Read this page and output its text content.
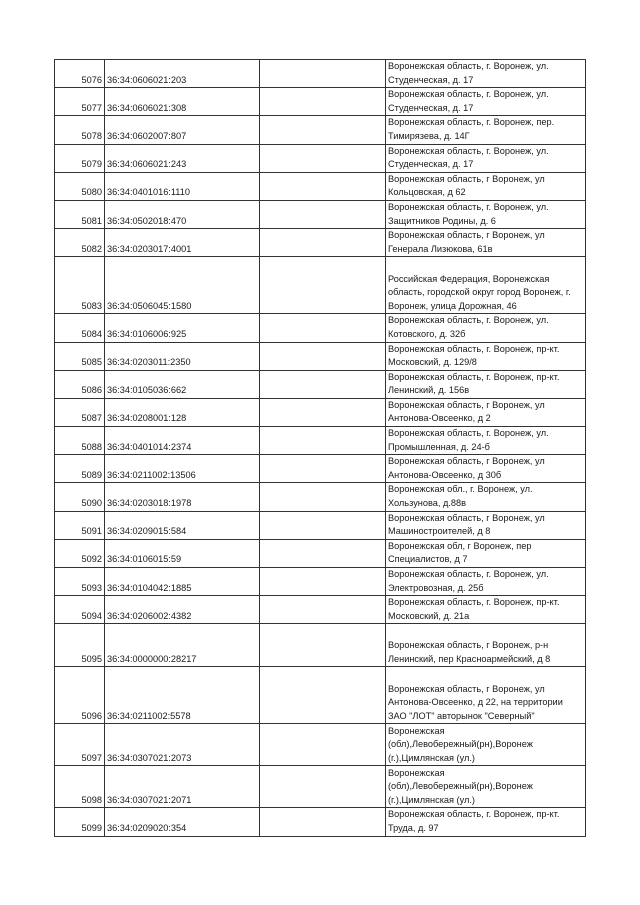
5076	36:34:0606021:203		Воронежская область, г. Воронеж, ул. Студенческая, д. 17
5077	36:34:0606021:308		Воронежская область, г. Воронеж, ул. Студенческая, д. 17
5078	36:34:0602007:807		Воронежская область, г. Воронеж, пер. Тимирязева, д. 14Г
5079	36:34:0606021:243		Воронежская область, г. Воронеж, ул. Студенческая, д. 17
5080	36:34:0401016:1110		Воронежская область, г Воронеж, ул Кольцовская, д 62
5081	36:34:0502018:470		Воронежская область, г. Воронеж, ул. Защитников Родины, д. 6
5082	36:34:0203017:4001		Воронежская область, г Воронеж, ул Генерала Лизюкова, 61в
5083	36:34:0506045:1580		Российская Федерация, Воронежская область, городской округ город Воронеж, г. Воронеж, улица Дорожная, 46
5084	36:34:0106006:925		Воронежская область, г. Воронеж, ул. Котовского, д. 32б
5085	36:34:0203011:2350		Воронежская область, г. Воронеж, пр-кт. Московский, д. 129/8
5086	36:34:0105036:662		Воронежская область, г. Воронеж, пр-кт. Ленинский, д. 156в
5087	36:34:0208001:128		Воронежская область, г Воронеж, ул Антонова-Овсеенко, д 2
5088	36:34:0401014:2374		Воронежская область, г. Воронеж, ул. Промышленная, д. 24-б
5089	36:34:0211002:13506		Воронежская область, г Воронеж, ул Антонова-Овсеенко, д 30б
5090	36:34:0203018:1978		Воронежская обл., г. Воронеж, ул. Хользунова, д.88в
5091	36:34:0209015:584		Воронежская область, г Воронеж, ул Машиностроителей, д 8
5092	36:34:0106015:59		Воронежская обл, г Воронеж, пер Специалистов, д 7
5093	36:34:0104042:1885		Воронежская область, г. Воронеж, ул. Электровозная, д. 25б
5094	36:34:0206002:4382		Воронежская область, г. Воронеж, пр-кт. Московский, д. 21а
5095	36:34:0000000:28217		Воронежская область, г Воронеж, р-н Ленинский, пер Красноармейский, д 8
5096	36:34:0211002:5578		Воронежская область, г Воронеж, ул Антонова-Овсеенко, д 22, на территории ЗАО "ЛОТ" авторынок "Северный"
5097	36:34:0307021:2073		Воронежская (обл),Левобережный(рн),Воронеж (г.),Цимлянская (ул.)
5098	36:34:0307021:2071		Воронежская (обл),Левобережный(рн),Воронеж (г.),Цимлянская (ул.)
5099	36:34:0209020:354		Воронежская область, г. Воронеж, пр-кт. Труда, д. 97
